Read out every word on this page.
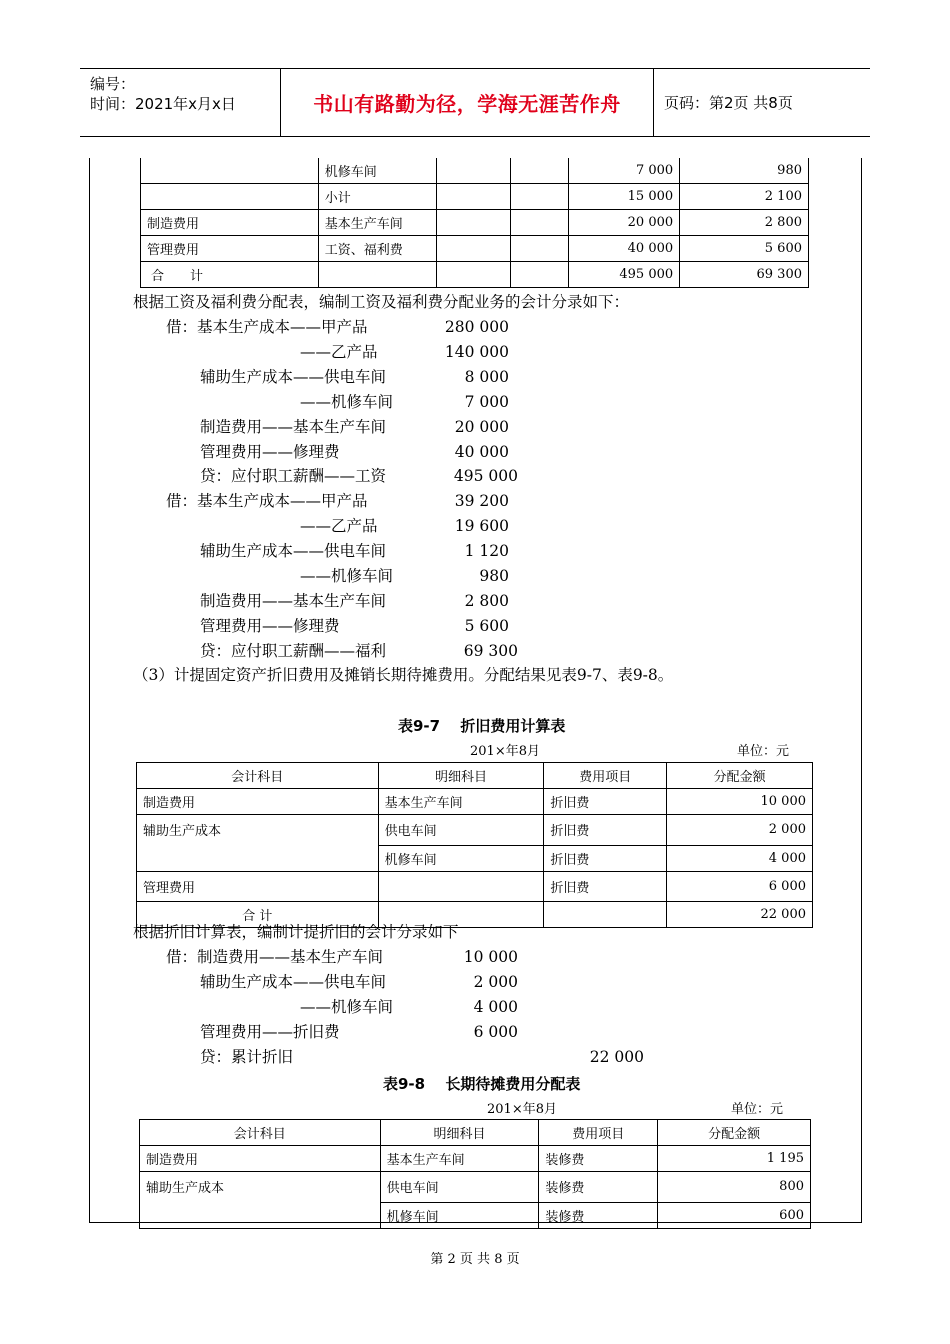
编号：
时间：2021年x月x日	书山有路勤为径，学海无涯苦作舟	页码：第2页 共8页
	机修车间			7 000	980
	小计			15 000	2 100
制造费用	基本生产车间			20 000	2 800
管理费用	工资、福利费			40 000	5 600
合　　计				495 000	69 300
根据工资及福利费分配表，编制工资及福利费分配业务的会计分录如下：
借：基本生产成本——甲产品	280 000
——乙产品	140 000
辅助生产成本——供电车间	8 000
——机修车间	7 000
制造费用——基本生产车间	20 000
管理费用——修理费	40 000
贷：应付职工薪酬——工资	495 000
借：基本生产成本——甲产品	39 200
——乙产品	19 600
辅助生产成本——供电车间	1 120
——机修车间	980
制造费用——基本生产车间	2 800
管理费用——修理费	5 600
贷：应付职工薪酬——福利	69 300
（3）计提固定资产折旧费用及摊销长期待摊费用。分配结果见表9-7、表9-8。
表9-7　 折旧费用计算表
201×年8月	单位：元
会计科目	明细科目	费用项目	分配金额
制造费用	基本生产车间	折旧费	10 000
辅助生产成本	供电车间	折旧费	2 000
	机修车间	折旧费	4 000
管理费用		折旧费	6 000
合 计			22 000
根据折旧计算表，编制计提折旧的会计分录如下
借：制造费用——基本生产车间	10 000
辅助生产成本——供电车间	2 000
——机修车间	4 000
管理费用——折旧费	6 000
贷：累计折旧	22 000
表9-8　 长期待摊费用分配表
201×年8月	单位：元
会计科目	明细科目	费用项目	分配金额
制造费用	基本生产车间	装修费	1 195
辅助生产成本	供电车间	装修费	800
	机修车间	装修费	600
第 2 页 共 8 页
